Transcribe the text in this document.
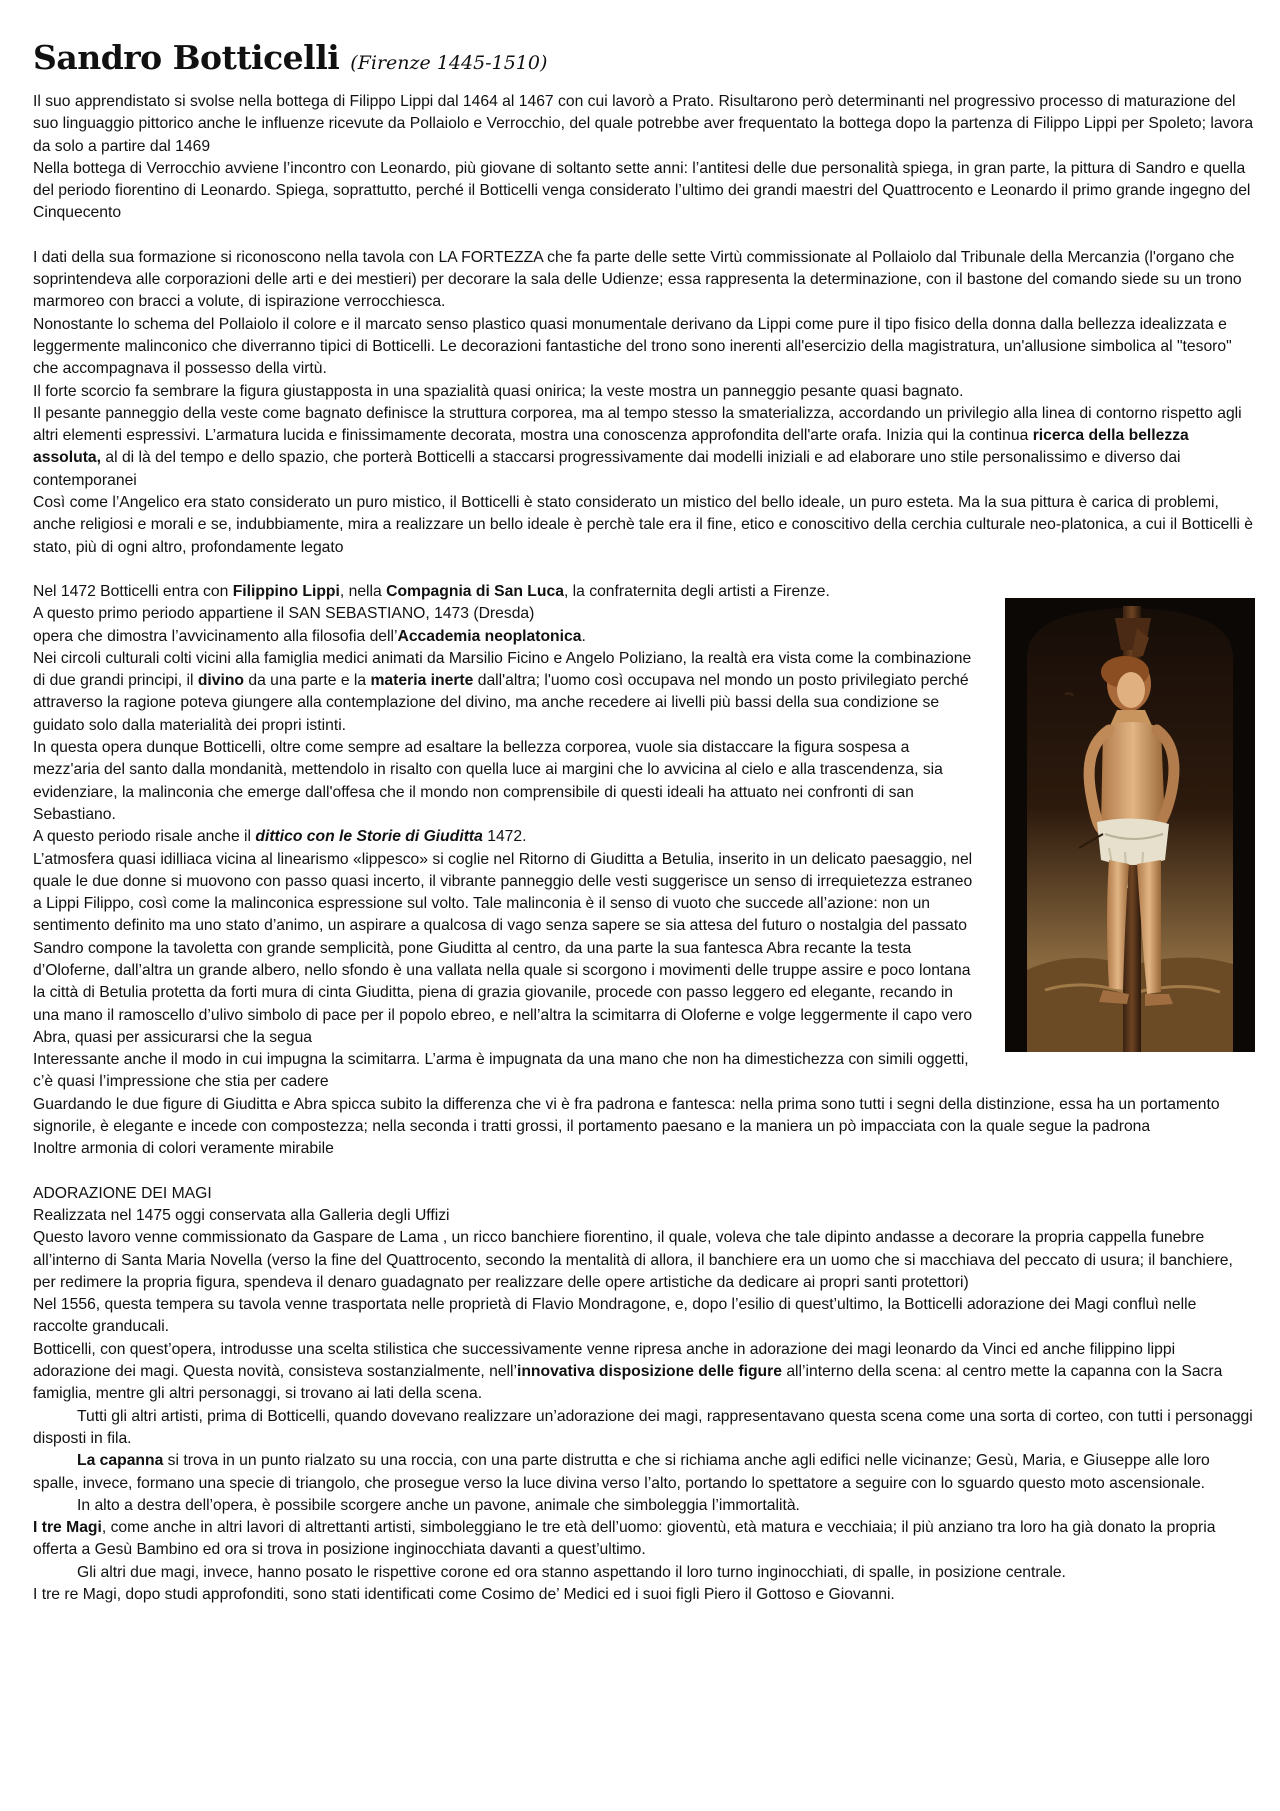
Sandro Botticelli (Firenze 1445-1510)

Il suo apprendistato si svolse nella bottega di Filippo Lippi dal 1464 al 1467 con cui lavorò a Prato. Risultarono però determinanti nel progressivo processo di maturazione del suo linguaggio pittorico anche le influenze ricevute da Pollaiolo e Verrocchio, del quale potrebbe aver frequentato la bottega dopo la partenza di Filippo Lippi per Spoleto; lavora da solo a partire dal 1469

Nella bottega di Verrocchio avviene l’incontro con Leonardo, più giovane di soltanto sette anni: l’antitesi delle due personalità spiega, in gran parte, la pittura di Sandro e quella del periodo fiorentino di Leonardo. Spiega, soprattutto, perché il Botticelli venga considerato l’ultimo dei grandi maestri del Quattrocento e Leonardo il primo grande ingegno del Cinquecento

I dati della sua formazione si riconoscono nella tavola con LA FORTEZZA che fa parte delle sette Virtù commissionate al Pollaiolo dal Tribunale della Mercanzia (l'organo che soprintendeva alle corporazioni delle arti e dei mestieri) per decorare la sala delle Udienze; essa rappresenta la determinazione, con il bastone del comando siede su un trono marmoreo con bracci a volute, di ispirazione verrocchiesca.

Nonostante lo schema del Pollaiolo il colore e il marcato senso plastico quasi monumentale derivano da Lippi come pure il tipo fisico della donna dalla bellezza idealizzata e leggermente malinconico che diverranno tipici di Botticelli. Le decorazioni fantastiche del trono sono inerenti all'esercizio della magistratura, un'allusione simbolica al "tesoro" che accompagnava il possesso della virtù.

Il forte scorcio fa sembrare la figura giustapposta in una spazialità quasi onirica; la veste mostra un panneggio pesante quasi bagnato.

Il pesante panneggio della veste come bagnato definisce la struttura corporea, ma al tempo stesso la smaterializza, accordando un privilegio alla linea di contorno rispetto agli altri elementi espressivi. L’armatura lucida e finissimamente decorata, mostra una conoscenza approfondita dell'arte orafa. Inizia qui la continua ricerca della bellezza assoluta, al di là del tempo e dello spazio, che porterà Botticelli a staccarsi progressivamente dai modelli iniziali e ad elaborare uno stile personalissimo e diverso dai contemporanei

Così come l’Angelico era stato considerato un puro mistico, il Botticelli è stato considerato un mistico del bello ideale, un puro esteta. Ma la sua pittura è carica di problemi, anche religiosi e morali e se, indubbiamente, mira a realizzare un bello ideale è perchè tale era il fine, etico e conoscitivo della cerchia culturale neo-platonica, a cui il Botticelli è stato, più di ogni altro, profondamente legato

Nel 1472 Botticelli entra con Filippino Lippi, nella Compagnia di San Luca, la confraternita degli artisti a Firenze.

A questo primo periodo appartiene il SAN SEBASTIANO, 1473 (Dresda)

opera che dimostra l’avvicinamento alla filosofia dell’Accademia neoplatonica.

Nei circoli culturali colti vicini alla famiglia medici animati da Marsilio Ficino e Angelo Poliziano, la realtà era vista come la combinazione di due grandi principi, il divino da una parte e la materia inerte dall'altra; l'uomo così occupava nel mondo un posto privilegiato perché attraverso la ragione poteva giungere alla contemplazione del divino, ma anche recedere ai livelli più bassi della sua condizione se guidato solo dalla materialità dei propri istinti.

In questa opera dunque Botticelli, oltre come sempre ad esaltare la bellezza corporea, vuole sia distaccare la figura sospesa a mezz'aria del santo dalla mondanità, mettendolo in risalto con quella luce ai margini che lo avvicina al cielo e alla trascendenza, sia evidenziare, la malinconia che emerge dall'offesa che il mondo non comprensibile di questi ideali ha attuato nei confronti di san Sebastiano.

A questo periodo risale anche il dittico con le Storie di Giuditta 1472.

L’atmosfera quasi idilliaca vicina al linearismo «lippesco» si coglie nel Ritorno di Giuditta a Betulia, inserito in un delicato paesaggio, nel quale le due donne si muovono con passo quasi incerto, il vibrante panneggio delle vesti suggerisce un senso di irrequietezza estraneo a Lippi Filippo, così come la malinconica espressione sul volto. Tale malinconia è il senso di vuoto che succede all’azione: non un sentimento definito ma uno stato d’animo, un aspirare a qualcosa di vago senza sapere se sia attesa del futuro o nostalgia del passato

Sandro compone la tavoletta con grande semplicità, pone Giuditta al centro, da una parte la sua fantesca Abra recante la testa d’Oloferne, dall’altra un grande albero, nello sfondo è una vallata nella quale si scorgono i movimenti delle truppe assire e poco lontana la città di Betulia protetta da forti mura di cinta Giuditta, piena di grazia giovanile, procede con passo leggero ed elegante, recando in una mano il ramoscello d’ulivo simbolo di pace per il popolo ebreo, e nell’altra la scimitarra di Oloferne e volge leggermente il capo vero Abra, quasi per assicurarsi che la segua

Interessante anche il modo in cui impugna la scimitarra. L’arma è impugnata da una mano che non ha dimestichezza con simili oggetti, c’è quasi l’impressione che stia per cadere

Guardando le due figure di Giuditta e Abra spicca subito la differenza che vi è fra padrona e fantesca: nella prima sono tutti i segni della distinzione, essa ha un portamento signorile, è elegante e incede con compostezza; nella seconda i tratti grossi, il portamento paesano e la maniera un pò impacciata con la quale segue la padrona

Inoltre armonia di colori veramente mirabile

ADORAZIONE DEI MAGI

Realizzata nel 1475 oggi conservata alla Galleria degli Uffizi

Questo lavoro venne commissionato da Gaspare de Lama , un ricco banchiere fiorentino, il quale, voleva che tale dipinto andasse a decorare la propria cappella funebre all’interno di Santa Maria Novella (verso la fine del Quattrocento, secondo la mentalità di allora, il banchiere era un uomo che si macchiava del peccato di usura; il banchiere, per redimere la propria figura, spendeva il denaro guadagnato per realizzare delle opere artistiche da dedicare ai propri santi protettori)

Nel 1556, questa tempera su tavola venne trasportata nelle proprietà di Flavio Mondragone, e, dopo l’esilio di quest’ultimo, la Botticelli adorazione dei Magi confluì nelle raccolte granducali.

Botticelli, con quest’opera, introdusse una scelta stilistica che successivamente venne ripresa anche in adorazione dei magi leonardo da Vinci ed anche filippino lippi adorazione dei magi. Questa novità, consisteva sostanzialmente, nell’innovativa disposizione delle figure all’interno della scena: al centro mette la capanna con la Sacra famiglia, mentre gli altri personaggi, si trovano ai lati della scena.

Tutti gli altri artisti, prima di Botticelli, quando dovevano realizzare un’adorazione dei magi, rappresentavano questa scena come una sorta di corteo, con tutti i personaggi disposti in fila.

La capanna si trova in un punto rialzato su una roccia, con una parte distrutta e che si richiama anche agli edifici nelle vicinanze; Gesù, Maria, e Giuseppe alle loro spalle, invece, formano una specie di triangolo, che prosegue verso la luce divina verso l’alto, portando lo spettatore a seguire con lo sguardo questo moto ascensionale.

In alto a destra dell’opera, è possibile scorgere anche un pavone, animale che simboleggia l’immortalità.

I tre Magi, come anche in altri lavori di altrettanti artisti, simboleggiano le tre età dell’uomo: gioventù, età matura e vecchiaia; il più anziano tra loro ha già donato la propria offerta a Gesù Bambino ed ora si trova in posizione inginocchiata davanti a quest’ultimo.

Gli altri due magi, invece, hanno posato le rispettive corone ed ora stanno aspettando il loro turno inginocchiati, di spalle, in posizione centrale.

I tre re Magi, dopo studi approfonditi, sono stati identificati come Cosimo de’ Medici ed i suoi figli Piero il Gottoso e Giovanni.
